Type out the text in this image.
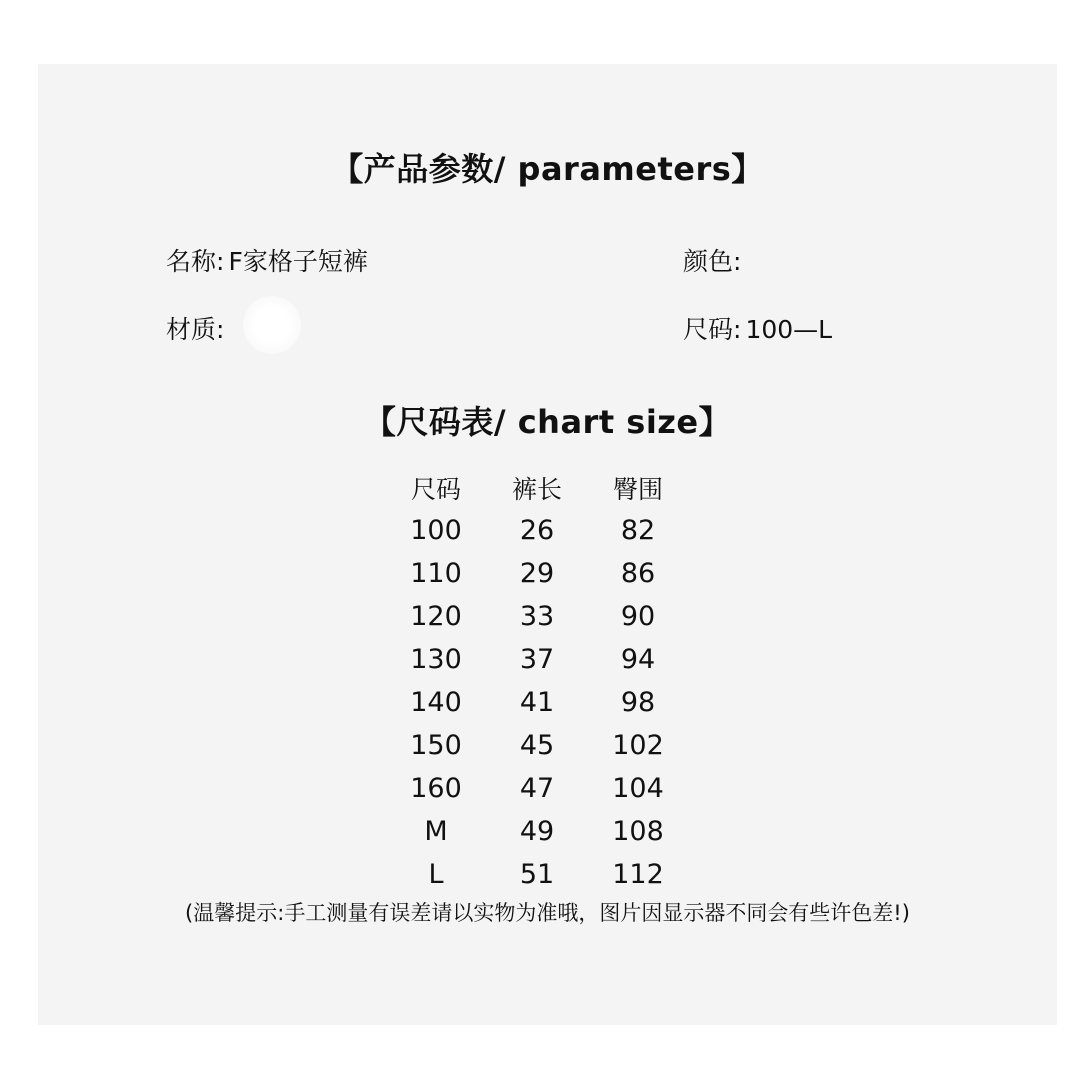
【产品参数/ parameters】
名称: F家格子短裤	颜色:
材质:	尺码: 100—L
【尺码表/ chart size】
尺码	裤长	臀围
100	26	82
110	29	86
120	33	90
130	37	94
140	41	98
150	45	102
160	47	104
M	49	108
L	51	112
(温馨提示:手工测量有误差请以实物为准哦，图片因显示器不同会有些许色差!)
